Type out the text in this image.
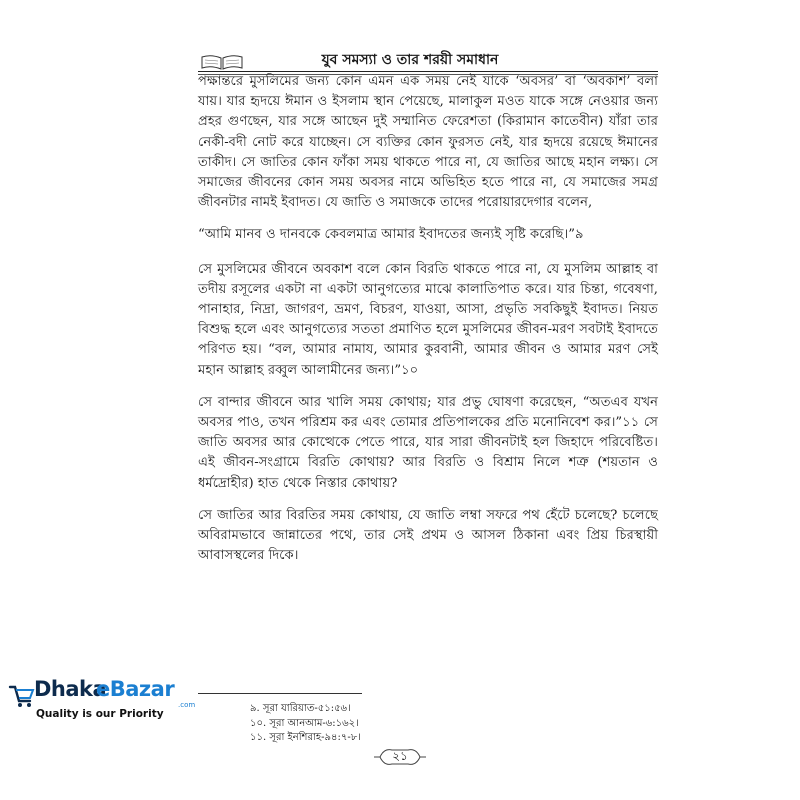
যুব সমস্যা ও তার শরয়ী সমাধান

পক্ষান্তরে মুসলিমের জন্য কোন এমন এক সময় নেই যাকে ‘অবসর’ বা ‘অবকাশ’ বলা যায়। যার হৃদয়ে ঈমান ও ইসলাম স্থান পেয়েছে, মালাকুল মওত যাকে সঙ্গে নেওয়ার জন্য প্রহর গুণছেন, যার সঙ্গে আছেন দুই সম্মানিত ফেরেশতা (কিরামান কাতেবীন) যাঁরা তার নেকী-বদী নোট করে যাচ্ছেন। সে ব্যক্তির কোন ফুরসত নেই, যার হৃদয়ে রয়েছে ঈমানের তাকীদ। সে জাতির কোন ফাঁকা সময় থাকতে পারে না, যে জাতির আছে মহান লক্ষ্য। সে সমাজের জীবনের কোন সময় অবসর নামে অভিহিত হতে পারে না, যে সমাজের সমগ্র জীবনটার নামই ইবাদত। যে জাতি ও সমাজকে তাদের পরোয়ারদেগার বলেন,

“আমি মানব ও দানবকে কেবলমাত্র আমার ইবাদতের জন্যই সৃষ্টি করেছি।”৯

সে মুসলিমের জীবনে অবকাশ বলে কোন বিরতি থাকতে পারে না, যে মুসলিম আল্লাহ বা তদীয় রসূলের একটা না একটা আনুগত্যের মাঝে কালাতিপাত করে। যার চিন্তা, গবেষণা, পানাহার, নিদ্রা, জাগরণ, ভ্রমণ, বিচরণ, যাওয়া, আসা, প্রভৃতি সবকিছুই ইবাদত। নিয়ত বিশুদ্ধ হলে এবং আনুগত্যের সততা প্রমাণিত হলে মুসলিমের জীবন-মরণ সবটাই ইবাদতে পরিণত হয়। “বল, আমার নামায, আমার কুরবানী, আমার জীবন ও আমার মরণ সেই মহান আল্লাহ রব্বুল আলামীনের জন্য।”১০

সে বান্দার জীবনে আর খালি সময় কোথায়; যার প্রভু ঘোষণা করেছেন, “অতএব যখন অবসর পাও, তখন পরিশ্রম কর এবং তোমার প্রতিপালকের প্রতি মনোনিবেশ কর।”১১ সে জাতি অবসর আর কোত্থেকে পেতে পারে, যার সারা জীবনটাই হল জিহাদে পরিবেষ্টিত। এই জীবন-সংগ্রামে বিরতি কোথায়? আর বিরতি ও বিশ্রাম নিলে শত্রু (শয়তান ও ধর্মদ্রোহীর) হাত থেকে নিস্তার কোথায়?

সে জাতির আর বিরতির সময় কোথায়, যে জাতি লম্বা সফরে পথ হেঁটে চলেছে? চলেছে অবিরামভাবে জান্নাতের পথে, তার সেই প্রথম ও আসল ঠিকানা এবং প্রিয় চিরস্থায়ী আবাসস্থলের দিকে।

৯. সূরা যারিয়াত-৫১:৫৬।
১০. সূরা আনআম-৬:১৬২।
১১. সূরা ইনশিরাহ-৯৪:৭-৮।
২১
Dhaka
eBazar
.com
Quality is our Priority
